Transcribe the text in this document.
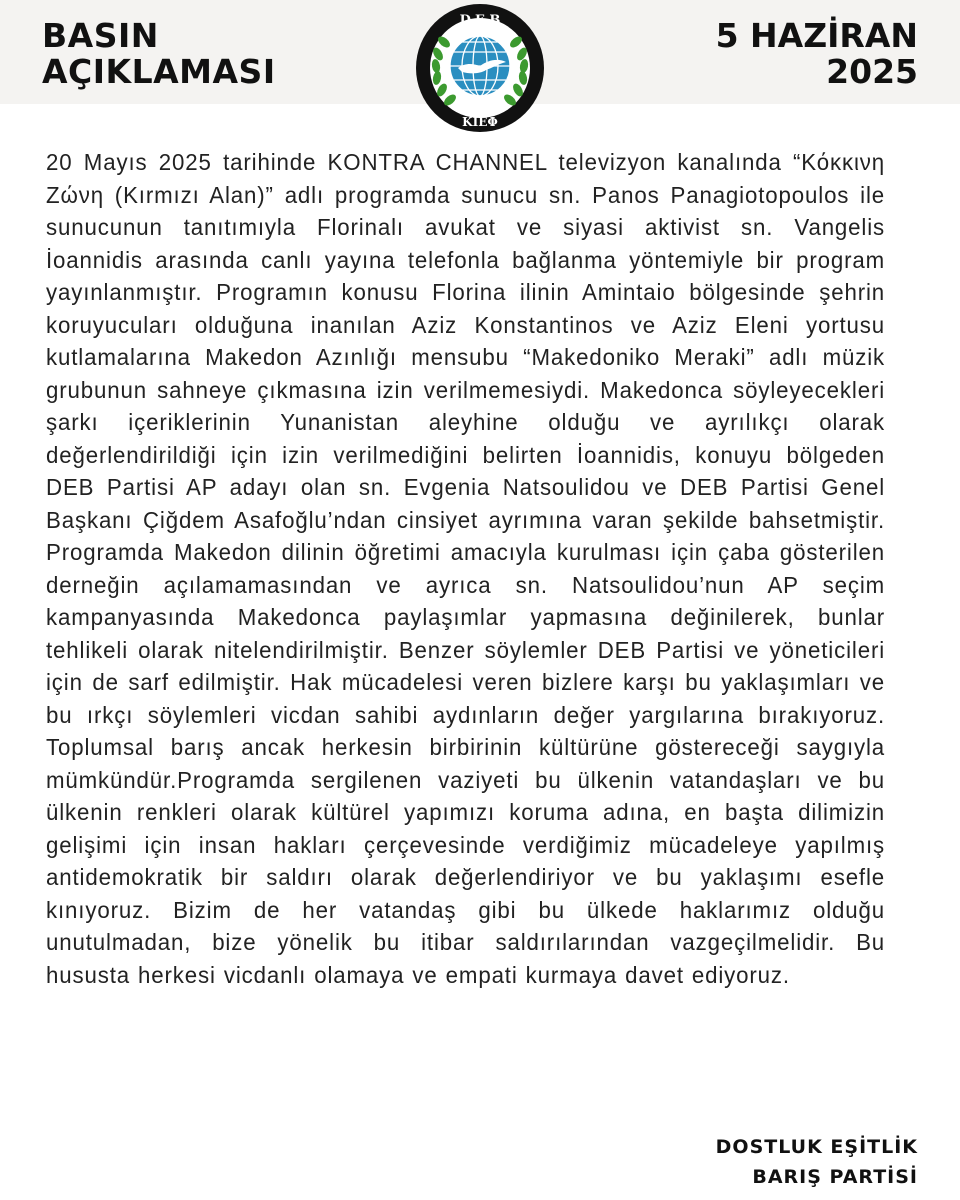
BASIN
AÇIKLAMASI
D.E.B
KIEΦ
5 HAZİRAN
2025
20 Mayıs 2025 tarihinde KONTRA CHANNEL televizyon kanalında “Κόκκινη Ζώνη (Kırmızı Alan)” adlı programda sunucu sn. Panos Panagiotopoulos ile sunucunun tanıtımıyla Florinalı avukat ve siyasi aktivist sn. Vangelis İoannidis arasında canlı yayına telefonla bağlanma yöntemiyle bir program yayınlanmıştır. Programın konusu Florina ilinin Amintaio bölgesinde şehrin koruyucuları olduğuna inanılan Aziz Konstantinos ve Aziz Eleni yortusu kutlamalarına Makedon Azınlığı mensubu “Makedoniko Meraki” adlı müzik grubunun sahneye çıkmasına izin verilmemesiydi. Makedonca söyleyecekleri şarkı içeriklerinin Yunanistan aleyhine olduğu ve ayrılıkçı olarak değerlendirildiği için izin verilmediğini belirten İoannidis, konuyu bölgeden DEB Partisi AP adayı olan sn. Evgenia Natsoulidou ve DEB Partisi Genel Başkanı Çiğdem Asafoğlu’ndan cinsiyet ayrımına varan şekilde bahsetmiştir. Programda Makedon dilinin öğretimi amacıyla kurulması için çaba gösterilen derneğin açılamamasından ve ayrıca sn. Natsoulidou’nun AP seçim kampanyasında Makedonca paylaşımlar yapmasına değinilerek, bunlar tehlikeli olarak nitelendirilmiştir. Benzer söylemler DEB Partisi ve yöneticileri için de sarf edilmiştir. Hak mücadelesi veren bizlere karşı bu yaklaşımları ve bu ırkçı söylemleri vicdan sahibi aydınların değer yargılarına bırakıyoruz. Toplumsal barış ancak herkesin birbirinin kültürüne göstereceği saygıyla mümkündür.Programda sergilenen vaziyeti bu ülkenin vatandaşları ve bu ülkenin renkleri olarak kültürel yapımızı koruma adına, en başta dilimizin gelişimi için insan hakları çerçevesinde verdiğimiz mücadeleye yapılmış antidemokratik bir saldırı olarak değerlendiriyor ve bu yaklaşımı esefle kınıyoruz. Bizim de her vatandaş gibi bu ülkede haklarımız olduğu unutulmadan, bize yönelik bu itibar saldırılarından vazgeçilmelidir. Bu hususta herkesi vicdanlı olamaya ve empati kurmaya davet ediyoruz.
DOSTLUK EŞİTLİK
BARIŞ PARTİSİ
